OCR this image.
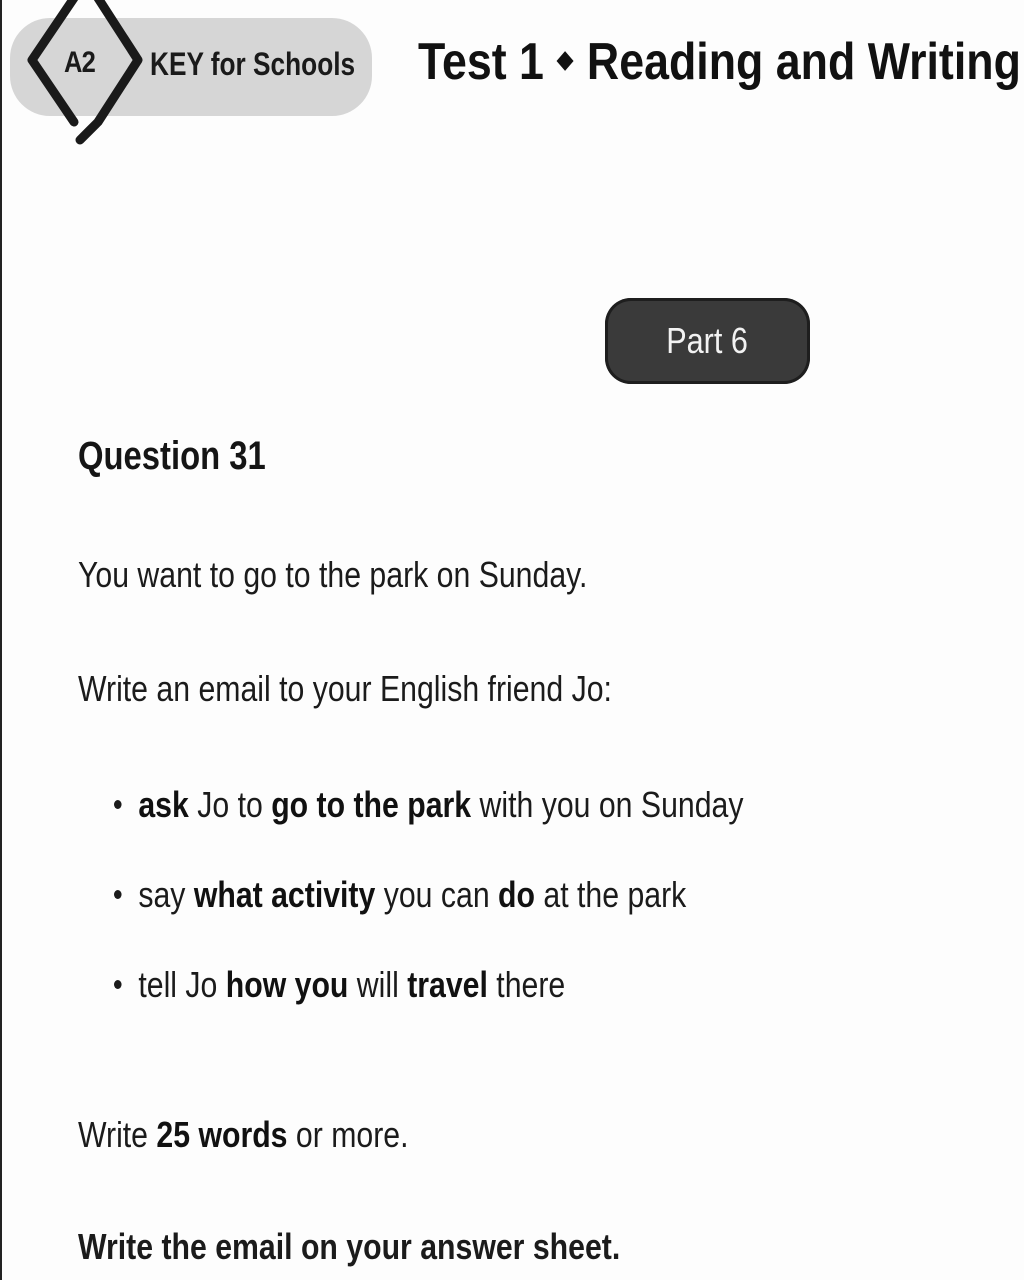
A2 KEY for Schools Test 1 Reading and Writing
Part 6
Question 31
You want to go to the park on Sunday.
Write an email to your English friend Jo:
ask Jo to go to the park with you on Sunday
say what activity you can do at the park
tell Jo how you will travel there
Write 25 words or more.
Write the email on your answer sheet.
